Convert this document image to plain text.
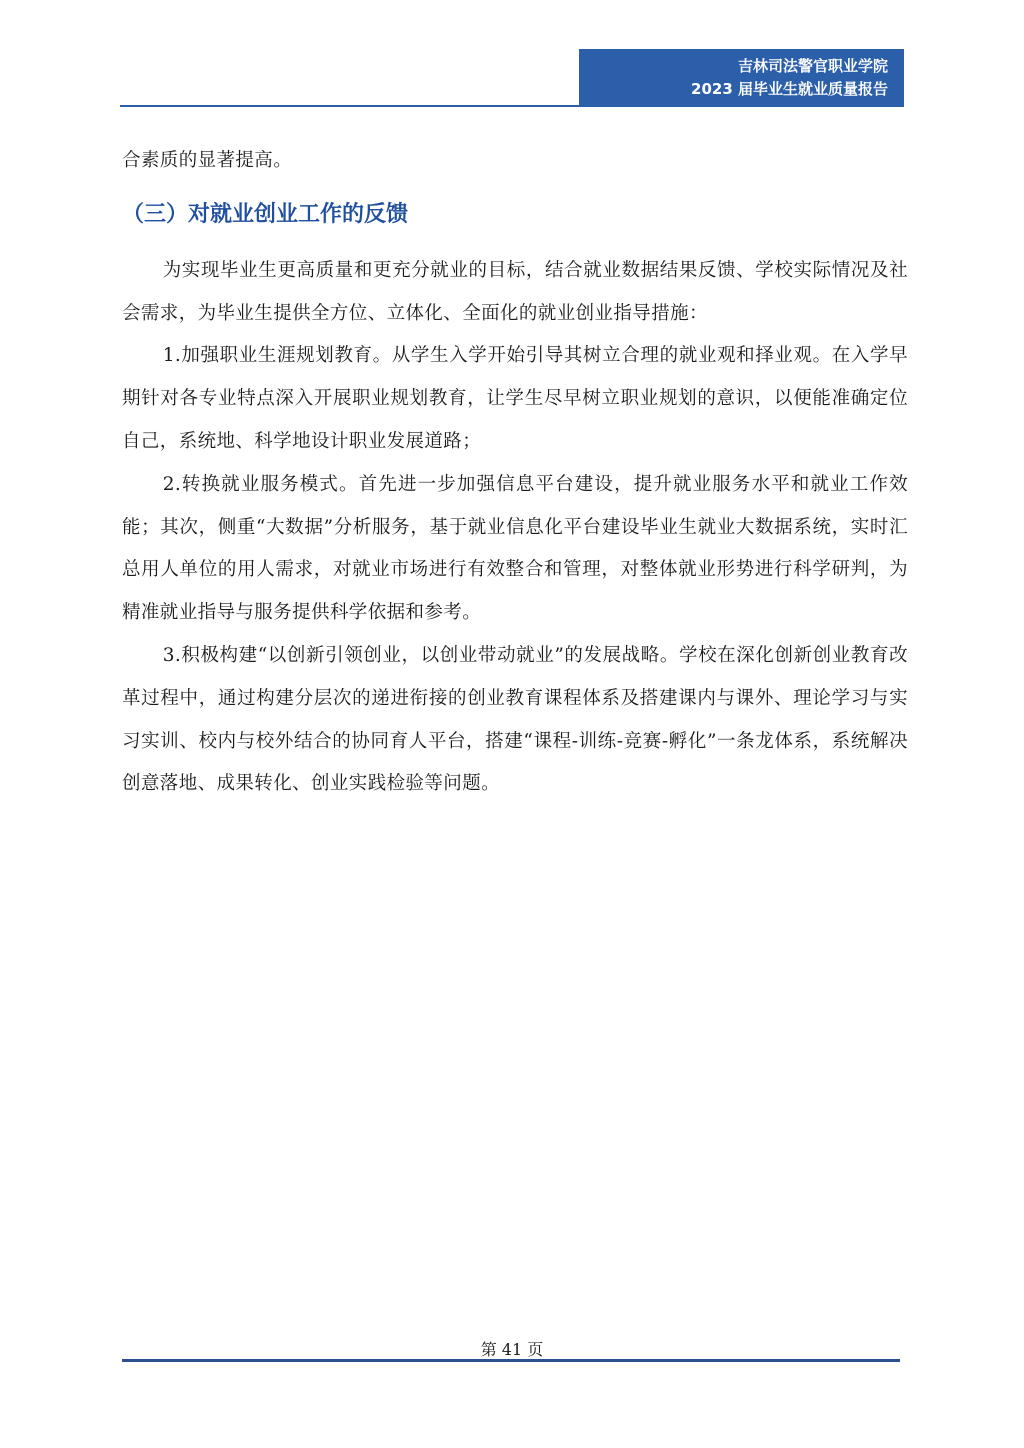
吉林司法警官职业学院
2023 届毕业生就业质量报告

合素质的显著提高。

（三）对就业创业工作的反馈

为实现毕业生更高质量和更充分就业的目标，结合就业数据结果反馈、学校实际情况及社会需求，为毕业生提供全方位、立体化、全面化的就业创业指导措施：

1.加强职业生涯规划教育。从学生入学开始引导其树立合理的就业观和择业观。在入学早期针对各专业特点深入开展职业规划教育，让学生尽早树立职业规划的意识，以便能准确定位自己，系统地、科学地设计职业发展道路；

2.转换就业服务模式。首先进一步加强信息平台建设，提升就业服务水平和就业工作效能；其次，侧重“大数据”分析服务，基于就业信息化平台建设毕业生就业大数据系统，实时汇总用人单位的用人需求，对就业市场进行有效整合和管理，对整体就业形势进行科学研判，为精准就业指导与服务提供科学依据和参考。

3.积极构建“以创新引领创业，以创业带动就业”的发展战略。学校在深化创新创业教育改革过程中，通过构建分层次的递进衔接的创业教育课程体系及搭建课内与课外、理论学习与实习实训、校内与校外结合的协同育人平台，搭建“课程-训练-竞赛-孵化”一条龙体系，系统解决创意落地、成果转化、创业实践检验等问题。

第 41 页
